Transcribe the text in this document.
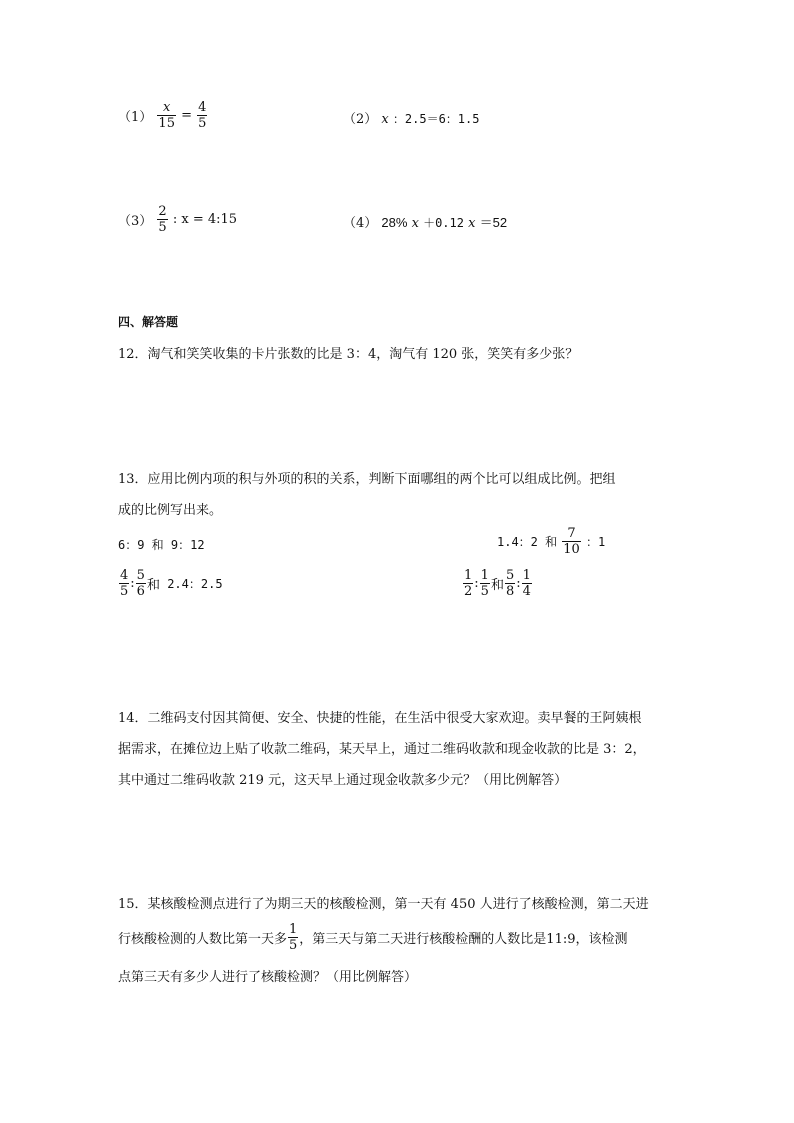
$(1) \frac{x}{15} = \frac{4}{5}$	（2） x ：2.5＝6：1.5
$(3) \frac{2}{5}$ : x = 4:15	（4） 28% x ＋0.12 x ＝52
四、解答题
12．淘气和笑笑收集的卡片张数的比是 3：4，淘气有 120 张，笑笑有多少张？
13．应用比例内项的积与外项的积的关系，判断下面哪组的两个比可以组成比例。把组
成的比例写出来。
6：9 和 9：12	1.4：2 和 $\frac{7}{10}$ ：1
$\frac{4}{5}$ : $\frac{5}{6}$ 和 2.4：2.5	$\frac{1}{2}$ : $\frac{1}{5}$ 和 $\frac{5}{8}$ : $\frac{1}{4}$
14．二维码支付因其简便、安全、快捷的性能，在生活中很受大家欢迎。卖早餐的王阿姨根
据需求，在摊位边上贴了收款二维码，某天早上，通过二维码收款和现金收款的比是 3：2，
其中通过二维码收款 219 元，这天早上通过现金收款多少元？（用比例解答）
15．某核酸检测点进行了为期三天的核酸检测，第一天有 450 人进行了核酸检测，第二天进
行核酸检测的人数比第一天多 $\frac{1}{5}$ ，第三天与第二天进行核酸检酬的人数比是11:9，该检测
点第三天有多少人进行了核酸检测？（用比例解答）
